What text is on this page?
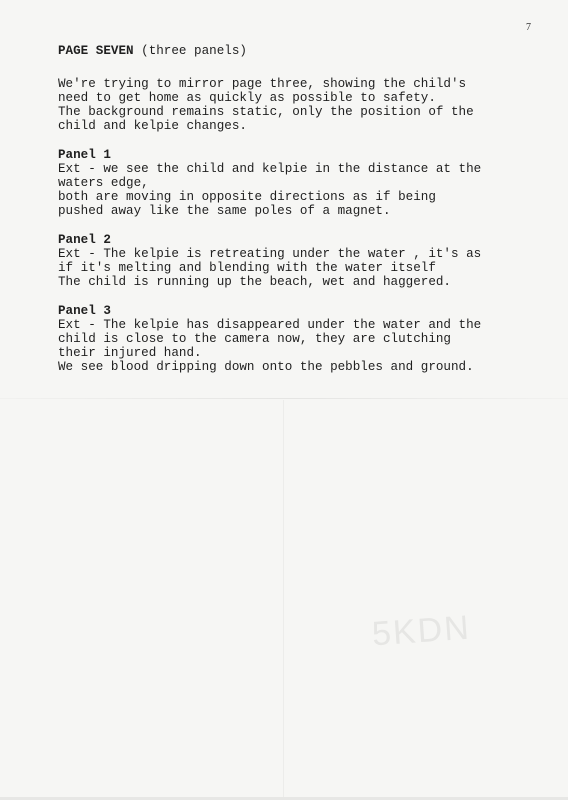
5KDN
7

PAGE SEVEN (three panels)

We're trying to mirror page three, showing the child's
need to get home as quickly as possible to safety.
The background remains static, only the position of the
child and kelpie changes.

Panel 1
Ext - we see the child and kelpie in the distance at the
waters edge,
both are moving in opposite directions as if being
pushed away like the same poles of a magnet.
Panel 2
Ext - The kelpie is retreating under the water , it's as
if it's melting and blending with the water itself
The child is running up the beach, wet and haggered.
Panel 3
Ext - The kelpie has disappeared under the water and the
child is close to the camera now, they are clutching
their injured hand.
We see blood dripping down onto the pebbles and ground.
